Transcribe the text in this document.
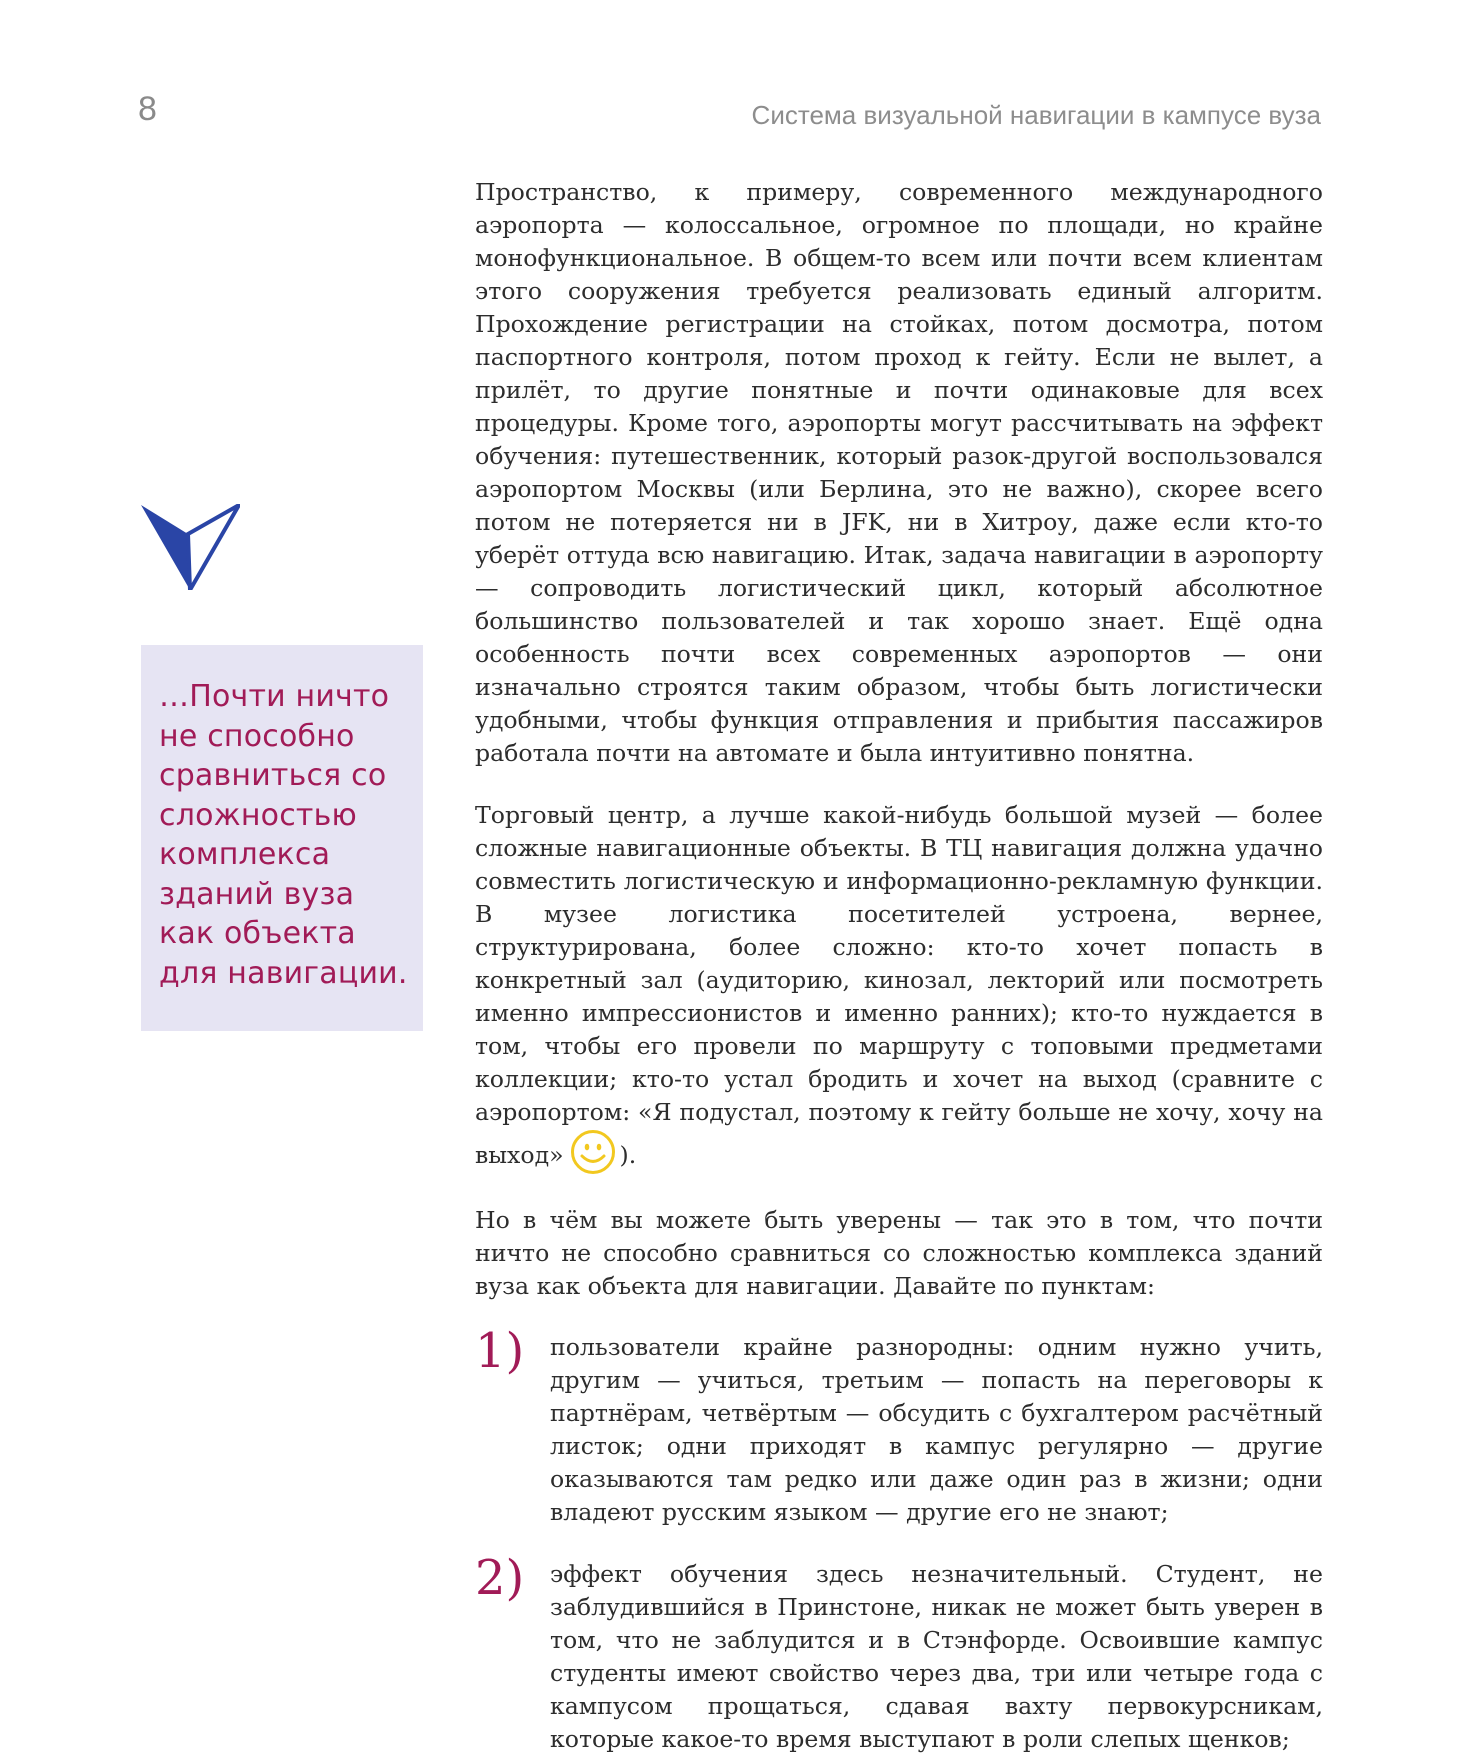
8	Система визуальной навигации в кампусе вуза

…Почти ничто не способно сравниться со сложностью комплекса зданий вуза как объекта для навигации.

Пространство, к примеру, современного международного аэропорта — колоссальное, огромное по площади, но крайне монофункциональное. В общем-то всем или почти всем клиентам этого сооружения требуется реализовать единый алгоритм. Прохождение регистрации на стойках, потом досмотра, потом паспортного контроля, потом проход к гейту. Если не вылет, а прилёт, то другие понятные и почти одинаковые для всех процедуры. Кроме того, аэропорты могут рассчитывать на эффект обучения: путешественник, который разок-другой воспользовался аэропортом Москвы (или Берлина, это не важно), скорее всего потом не потеряется ни в JFK, ни в Хитроу, даже если кто-то уберёт оттуда всю навигацию. Итак, задача навигации в аэропорту — сопроводить логистический цикл, который абсолютное большинство пользователей и так хорошо знает. Ещё одна особенность почти всех современных аэропортов — они изначально строятся таким образом, чтобы быть логистически удобными, чтобы функция отправления и прибытия пассажиров работала почти на автомате и была интуитивно понятна.

Торговый центр, а лучше какой-нибудь большой музей — более сложные навигационные объекты. В ТЦ навигация должна удачно совместить логистическую и информационно-рекламную функции. В музее логистика посетителей устроена, вернее, структурирована, более сложно: кто-то хочет попасть в конкретный зал (аудиторию, кинозал, лекторий или посмотреть именно импрессионистов и именно ранних); кто-то нуждается в том, чтобы его провели по маршруту с топовыми предметами коллекции; кто-то устал бродить и хочет на выход (сравните с аэропортом: «Я подустал, поэтому к гейту больше не хочу, хочу на выход» ).

Но в чём вы можете быть уверены — так это в том, что почти ничто не способно сравниться со сложностью комплекса зданий вуза как объекта для навигации. Давайте по пунктам:

1) пользователи крайне разнородны: одним нужно учить, другим — учиться, третьим — попасть на переговоры к партнёрам, четвёртым — обсудить с бухгалтером расчётный листок; одни приходят в кампус регулярно — другие оказываются там редко или даже один раз в жизни; одни владеют русским языком — другие его не знают;

2) эффект обучения здесь незначительный. Студент, не заблудившийся в Принстоне, никак не может быть уверен в том, что не заблудится и в Стэнфорде. Освоившие кампус студенты имеют свойство через два, три или четыре года с кампусом прощаться, сдавая вахту первокурсникам, которые какое-то время выступают в роли слепых щенков;
